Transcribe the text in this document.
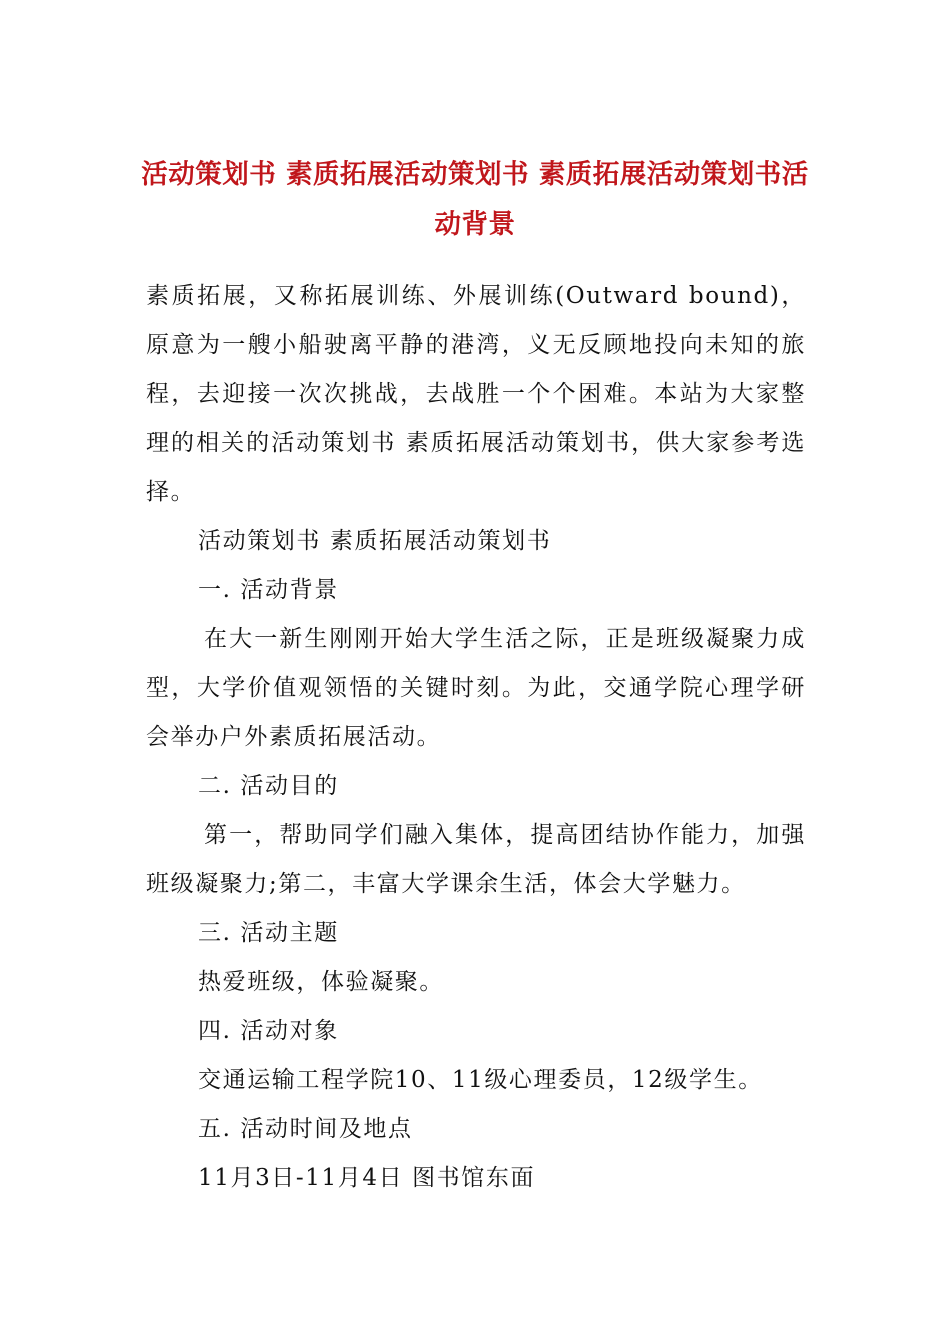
活动策划书 素质拓展活动策划书 素质拓展活动策划书活动背景

素质拓展，又称拓展训练、外展训练(Outward bound)，原意为一艘小船驶离平静的港湾，义无反顾地投向未知的旅程，去迎接一次次挑战，去战胜一个个困难。本站为大家整理的相关的活动策划书 素质拓展活动策划书，供大家参考选择。

活动策划书 素质拓展活动策划书

一. 活动背景

在大一新生刚刚开始大学生活之际，正是班级凝聚力成型，大学价值观领悟的关键时刻。为此，交通学院心理学研会举办户外素质拓展活动。

二. 活动目的

第一，帮助同学们融入集体，提高团结协作能力，加强班级凝聚力;第二，丰富大学课余生活，体会大学魅力。

三. 活动主题

热爱班级，体验凝聚。

四. 活动对象

交通运输工程学院10、11级心理委员，12级学生。

五. 活动时间及地点

11月3日-11月4日 图书馆东面
